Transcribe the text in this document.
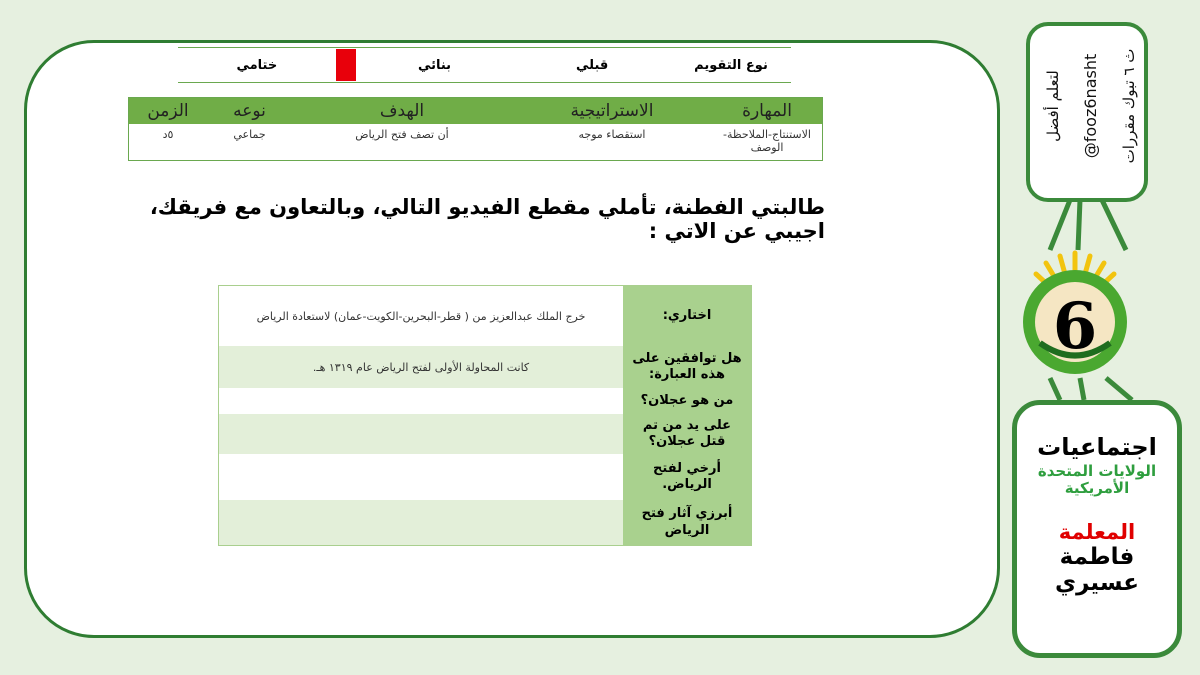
نوع التقويم
قبلي
بنائي
ختامي
المهارة
الاستراتيجية
الهدف
نوعه
الزمن
الاستنتاج-الملاحظة-الوصف
استقصاء موجه
أن تصف فتح الرياض
جماعي
٥د
طالبتي الفطنة، تأملي مقطع الفيديو التالي، وبالتعاون مع فريقك، اجيبي عن الاتي :
اختاري:
خرج الملك عبدالعزيز من ( قطر-البحرين-الكويت-عمان) لاستعادة الرياض
هل توافقين على هذه العبارة:
كانت المحاولة الأولى لفتح الرياض عام ١٣١٩ هـ.
من هو عجلان؟
على يد من تم قتل عجلان؟
أرخي لفتح الرياض.
أبرزي آثار فتح الرياض
لتعلم أفضل @fooz6nasht ث ٦ تبوك مقررات
6
اجتماعيات
الولايات المتحدة الأمريكية
المعلمة
فاطمة عسيري
